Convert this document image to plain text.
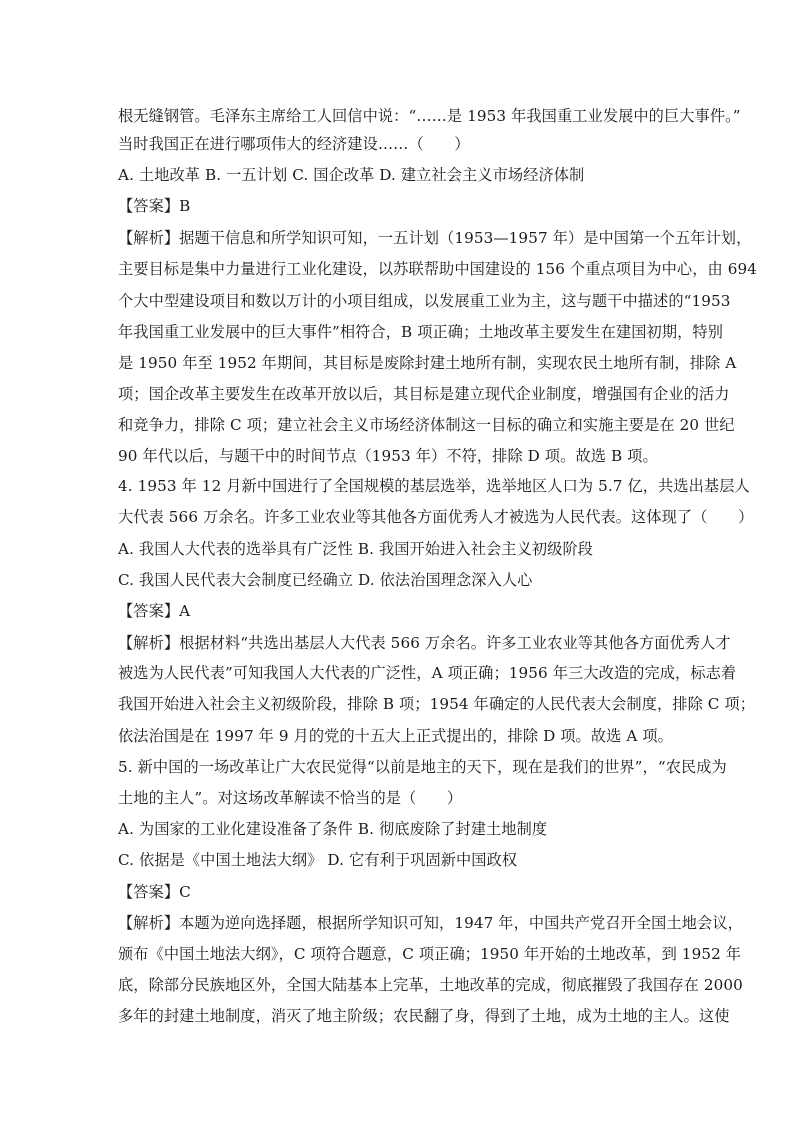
根无缝钢管。毛泽东主席给工人回信中说：“……是 1953 年我国重工业发展中的巨大事件。”
当时我国正在进行哪项伟大的经济建设……（　　）
A. 土地改革 B. 一五计划 C. 国企改革 D. 建立社会主义市场经济体制
【答案】B
【解析】据题干信息和所学知识可知，一五计划（1953—1957 年）是中国第一个五年计划，
主要目标是集中力量进行工业化建设，以苏联帮助中国建设的 156 个重点项目为中心，由 694
个大中型建设项目和数以万计的小项目组成，以发展重工业为主，这与题干中描述的“1953
年我国重工业发展中的巨大事件”相符合，B 项正确；土地改革主要发生在建国初期，特别
是 1950 年至 1952 年期间，其目标是废除封建土地所有制，实现农民土地所有制，排除 A
项；国企改革主要发生在改革开放以后，其目标是建立现代企业制度，增强国有企业的活力
和竞争力，排除 C 项；建立社会主义市场经济体制这一目标的确立和实施主要是在 20 世纪
90 年代以后，与题干中的时间节点（1953 年）不符，排除 D 项。故选 B 项。
4. 1953 年 12 月新中国进行了全国规模的基层选举，选举地区人口为 5.7 亿，共选出基层人
大代表 566 万余名。许多工业农业等其他各方面优秀人才被选为人民代表。这体现了（　　）
A. 我国人大代表的选举具有广泛性 B. 我国开始进入社会主义初级阶段
C. 我国人民代表大会制度已经确立 D. 依法治国理念深入人心
【答案】A
【解析】根据材料“共选出基层人大代表 566 万余名。许多工业农业等其他各方面优秀人才
被选为人民代表”可知我国人大代表的广泛性，A 项正确；1956 年三大改造的完成，标志着
我国开始进入社会主义初级阶段，排除 B 项；1954 年确定的人民代表大会制度，排除 C 项；
依法治国是在 1997 年 9 月的党的十五大上正式提出的，排除 D 项。故选 A 项。
5. 新中国的一场改革让广大农民觉得“以前是地主的天下，现在是我们的世界”，“农民成为
土地的主人”。对这场改革解读不恰当的是（　　）
A. 为国家的工业化建设准备了条件 B. 彻底废除了封建土地制度
C. 依据是《中国土地法大纲》 D. 它有利于巩固新中国政权
【答案】C
【解析】本题为逆向选择题，根据所学知识可知，1947 年，中国共产党召开全国土地会议，
颁布《中国土地法大纲》，C 项符合题意，C 项正确；1950 年开始的土地改革，到 1952 年
底，除部分民族地区外，全国大陆基本上完革，土地改革的完成，彻底摧毁了我国存在 2000
多年的封建土地制度，消灭了地主阶级；农民翻了身，得到了土地，成为土地的主人。这使
